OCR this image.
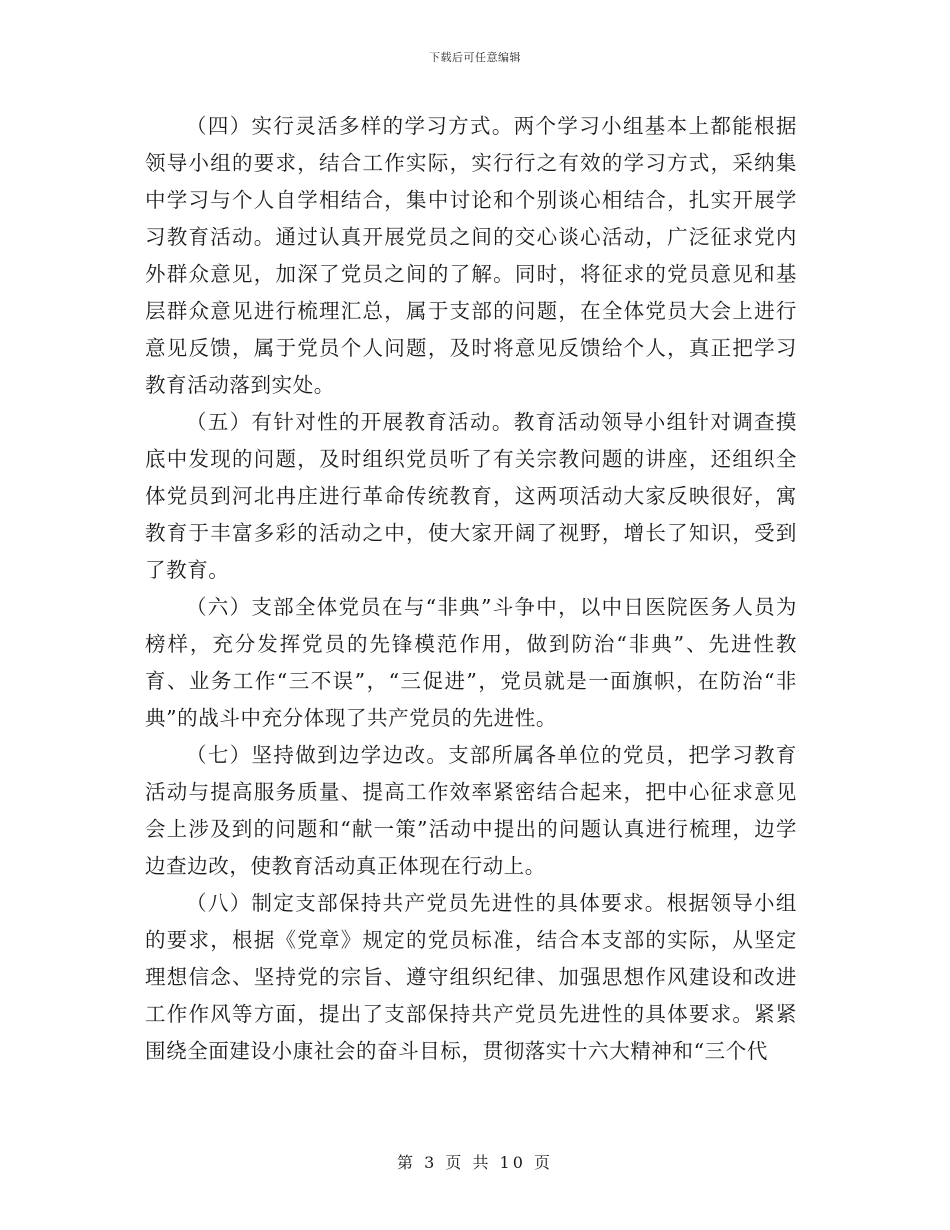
下载后可任意编辑

（四）实行灵活多样的学习方式。两个学习小组基本上都能根据领导小组的要求，结合工作实际，实行行之有效的学习方式，采纳集中学习与个人自学相结合，集中讨论和个别谈心相结合，扎实开展学习教育活动。通过认真开展党员之间的交心谈心活动，广泛征求党内外群众意见，加深了党员之间的了解。同时，将征求的党员意见和基层群众意见进行梳理汇总，属于支部的问题，在全体党员大会上进行意见反馈，属于党员个人问题，及时将意见反馈给个人，真正把学习教育活动落到实处。

（五）有针对性的开展教育活动。教育活动领导小组针对调查摸底中发现的问题，及时组织党员听了有关宗教问题的讲座，还组织全体党员到河北冉庄进行革命传统教育，这两项活动大家反映很好，寓教育于丰富多彩的活动之中，使大家开阔了视野，增长了知识，受到了教育。

（六）支部全体党员在与“非典”斗争中，以中日医院医务人员为榜样，充分发挥党员的先锋模范作用，做到防治“非典”、先进性教育、业务工作“三不误”，“三促进”，党员就是一面旗帜，在防治“非典”的战斗中充分体现了共产党员的先进性。

（七）坚持做到边学边改。支部所属各单位的党员，把学习教育活动与提高服务质量、提高工作效率紧密结合起来，把中心征求意见会上涉及到的问题和“献一策”活动中提出的问题认真进行梳理，边学边查边改，使教育活动真正体现在行动上。

（八）制定支部保持共产党员先进性的具体要求。根据领导小组的要求，根据《党章》规定的党员标准，结合本支部的实际，从坚定理想信念、坚持党的宗旨、遵守组织纪律、加强思想作风建设和改进工作作风等方面，提出了支部保持共产党员先进性的具体要求。紧紧围绕全面建设小康社会的奋斗目标，贯彻落实十六大精神和“三个代

第 3 页 共 10 页
